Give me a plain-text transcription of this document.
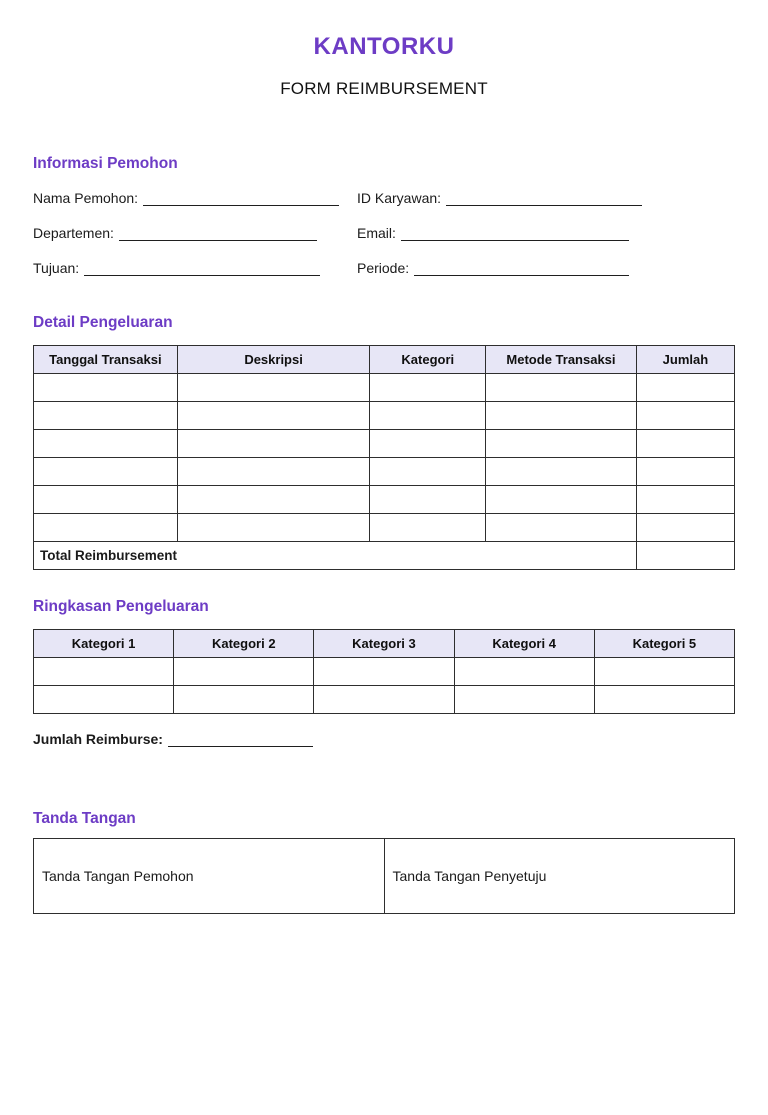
KANTORKU
FORM REIMBURSEMENT
Informasi Pemohon
Nama Pemohon:	ID Karyawan:
Departemen:	Email:
Tujuan:	Periode:
Detail Pengeluaran
Tanggal Transaksi	Deskripsi	Kategori	Metode Transaksi	Jumlah

Total Reimbursement				
Ringkasan Pengeluaran
Kategori 1	Kategori 2	Kategori 3	Kategori 4	Kategori 5

Jumlah Reimburse:
Tanda Tangan
Tanda Tangan Pemohon	Tanda Tangan Penyetuju
